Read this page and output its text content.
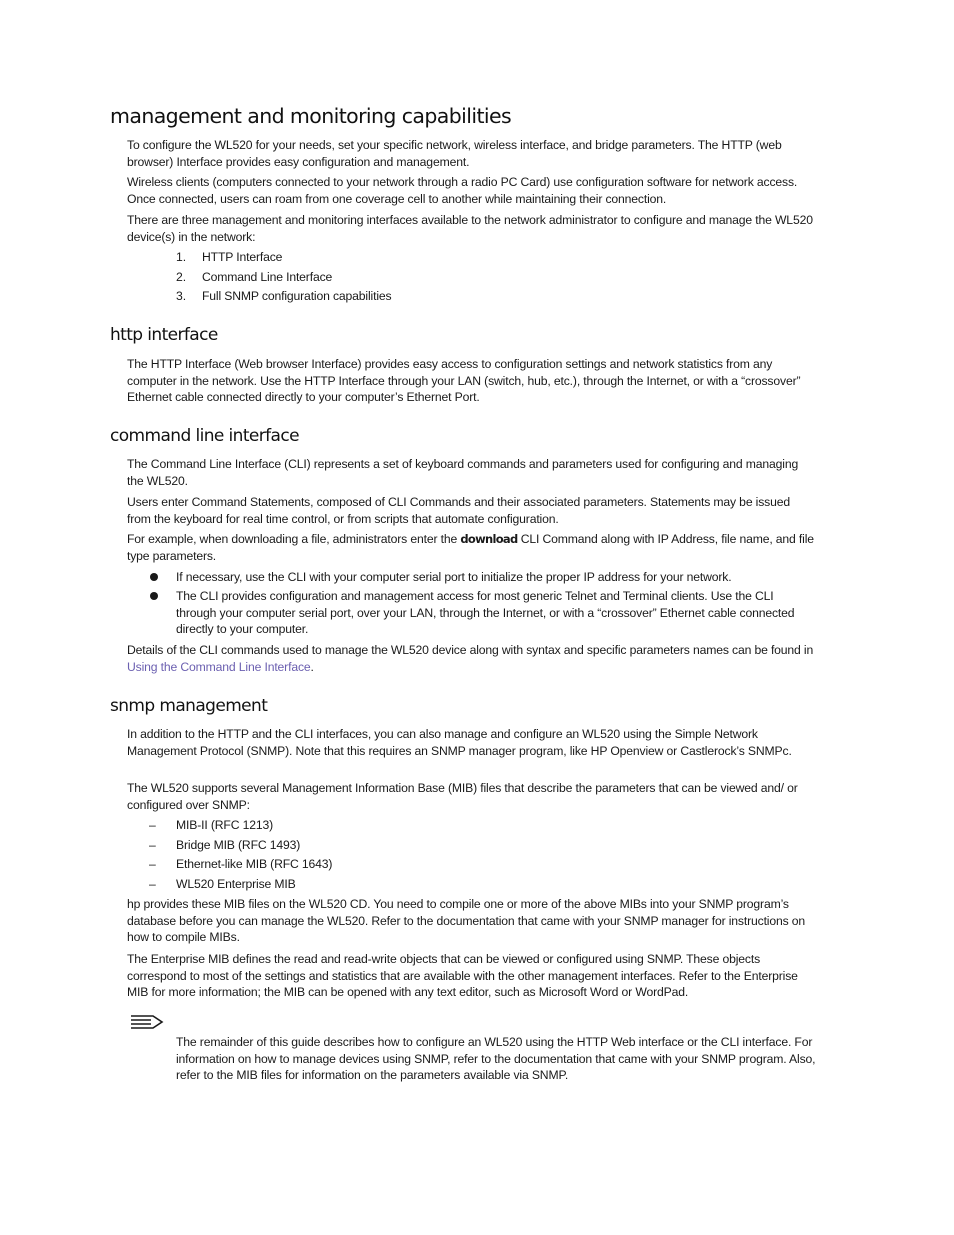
management and monitoring capabilities

To configure the WL520 for your needs, set your specific network, wireless interface, and bridge parameters. The HTTP (web browser) Interface provides easy configuration and management.

Wireless clients (computers connected to your network through a radio PC Card) use configuration software for network access. Once connected, users can roam from one coverage cell to another while maintaining their connection.

There are three management and monitoring interfaces available to the network administrator to configure and manage the WL520 device(s) in the network:

1. HTTP Interface

2. Command Line Interface

3. Full SNMP configuration capabilities

http interface

The HTTP Interface (Web browser Interface) provides easy access to configuration settings and network statistics from any computer in the network. Use the HTTP Interface through your LAN (switch, hub, etc.), through the Internet, or with a “crossover” Ethernet cable connected directly to your computer’s Ethernet Port.

command line interface

The Command Line Interface (CLI) represents a set of keyboard commands and parameters used for configuring and managing the WL520.

Users enter Command Statements, composed of CLI Commands and their associated parameters. Statements may be issued from the keyboard for real time control, or from scripts that automate configuration.

For example, when downloading a file, administrators enter the download CLI Command along with IP Address, file name, and file type parameters.

If necessary, use the CLI with your computer serial port to initialize the proper IP address for your network.

The CLI provides configuration and management access for most generic Telnet and Terminal clients. Use the CLI through your computer serial port, over your LAN, through the Internet, or with a “crossover” Ethernet cable connected directly to your computer.

Details of the CLI commands used to manage the WL520 device along with syntax and specific parameters names can be found in Using the Command Line Interface.

snmp management

In addition to the HTTP and the CLI interfaces, you can also manage and configure an WL520 using the Simple Network Management Protocol (SNMP). Note that this requires an SNMP manager program, like HP Openview or Castlerock’s SNMPc.

The WL520 supports several Management Information Base (MIB) files that describe the parameters that can be viewed and/ or configured over SNMP:

– MIB-II (RFC 1213)

– Bridge MIB (RFC 1493)

– Ethernet-like MIB (RFC 1643)

– WL520 Enterprise MIB

hp provides these MIB files on the WL520 CD. You need to compile one or more of the above MIBs into your SNMP program’s database before you can manage the WL520. Refer to the documentation that came with your SNMP manager for instructions on how to compile MIBs.

The Enterprise MIB defines the read and read-write objects that can be viewed or configured using SNMP. These objects correspond to most of the settings and statistics that are available with the other management interfaces. Refer to the Enterprise MIB for more information; the MIB can be opened with any text editor, such as Microsoft Word or WordPad.

The remainder of this guide describes how to configure an WL520 using the HTTP Web interface or the CLI interface. For information on how to manage devices using SNMP, refer to the documentation that came with your SNMP program. Also, refer to the MIB files for information on the parameters available via SNMP.
